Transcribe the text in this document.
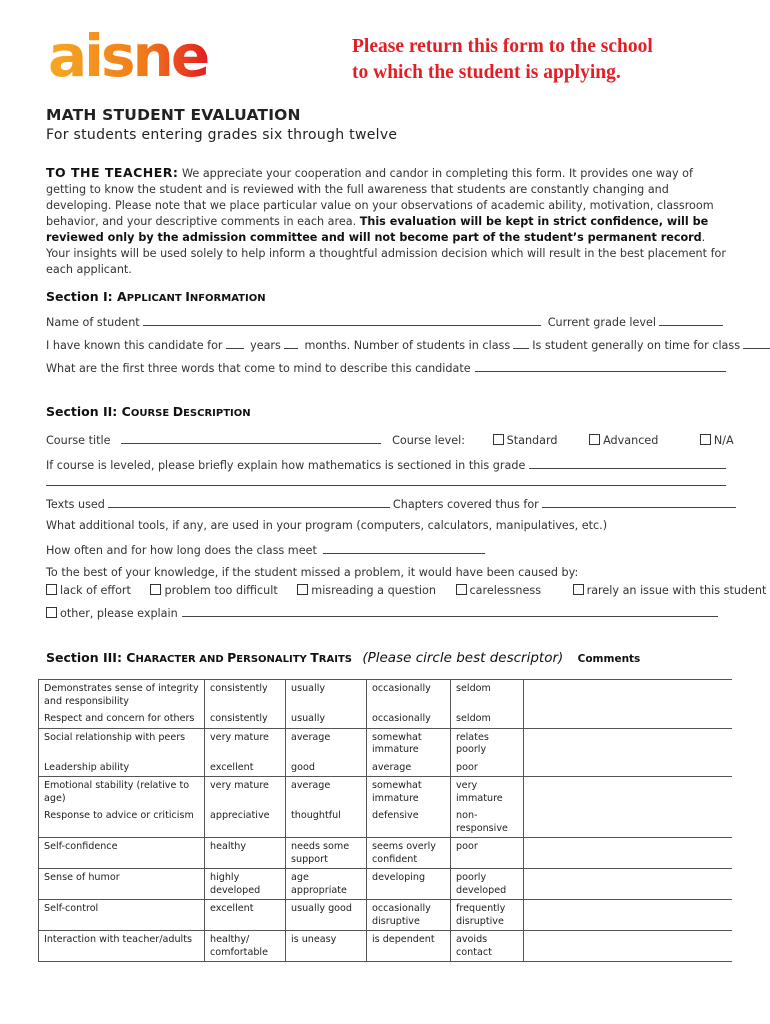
aisne	Please return this form to the school to which the student is applying.
MATH STUDENT EVALUATION
For students entering grades six through twelve
TO THE TEACHER: We appreciate your cooperation and candor in completing this form. It provides one way of getting to know the student and is reviewed with the full awareness that students are constantly changing and developing. Please note that we place particular value on your observations of academic ability, motivation, classroom behavior, and your descriptive comments in each area. This evaluation will be kept in strict confidence, will be reviewed only by the admission committee and will not become part of the student’s permanent record. Your insights will be used solely to help inform a thoughtful admission decision which will result in the best placement for each applicant.
Section I: APPLICANT INFORMATION
Name of student	Current grade level
I have known this candidate for years months. Number of students in class	Is student generally on time for class
What are the first three words that come to mind to describe this candidate
Section II: COURSE DESCRIPTION
Course title	Course level:	Standard	Advanced	N/A
If course is leveled, please briefly explain how mathematics is sectioned in this grade
Texts used	Chapters covered thus for
What additional tools, if any, are used in your program (computers, calculators, manipulatives, etc.)
How often and for how long does the class meet
To the best of your knowledge, if the student missed a problem, it would have been caused by:
lack of effort	problem too difficult	misreading a question	carelessness	rarely an issue with this student
other, please explain
Section III: CHARACTER AND PERSONALITY TRAITS (Please circle best descriptor) Comments
Demonstrates sense of integrity and responsibility	consistently	usually	occasionally	seldom	
Respect and concern for others	consistently	usually	occasionally	seldom	
Social relationship with peers	very mature	average	somewhat immature	relates poorly	
Leadership ability	excellent	good	average	poor	
Emotional stability (relative to age)	very mature	average	somewhat immature	very immature	
Response to advice or criticism	appreciative	thoughtful	defensive	non-responsive	
Self-confidence	healthy	needs some support	seems overly confident	poor	
Sense of humor	highly developed	age appropriate	developing	poorly developed	
Self-control	excellent	usually good	occasionally disruptive	frequently disruptive	
Interaction with teacher/adults	healthy/ comfortable	is uneasy	is dependent	avoids contact	
